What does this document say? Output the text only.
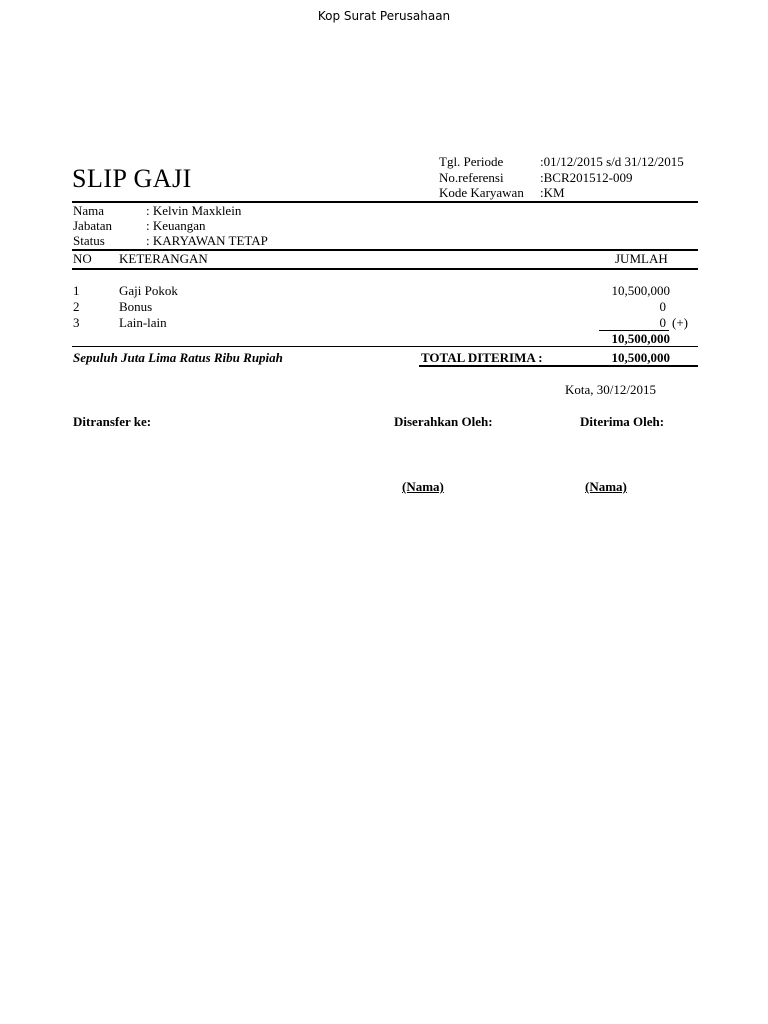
Kop Surat Perusahaan
SLIP GAJI
Tgl. Periode	:01/12/2015 s/d 31/12/2015
No.referensi	:BCR201512-009
Kode Karyawan :KM
Nama	: Kelvin Maxklein
Jabatan	: Keuangan
Status	: KARYAWAN TETAP
NO KETERANGAN	JUMLAH
1	Gaji Pokok	10,500,000
2	Bonus	0
3	Lain-lain	0 (+)
10,500,000
Sepuluh Juta Lima Ratus Ribu Rupiah	TOTAL DITERIMA :	10,500,000
Kota, 30/12/2015
Ditransfer ke:	Diserahkan Oleh:	Diterima Oleh:
(Nama)	(Nama)
